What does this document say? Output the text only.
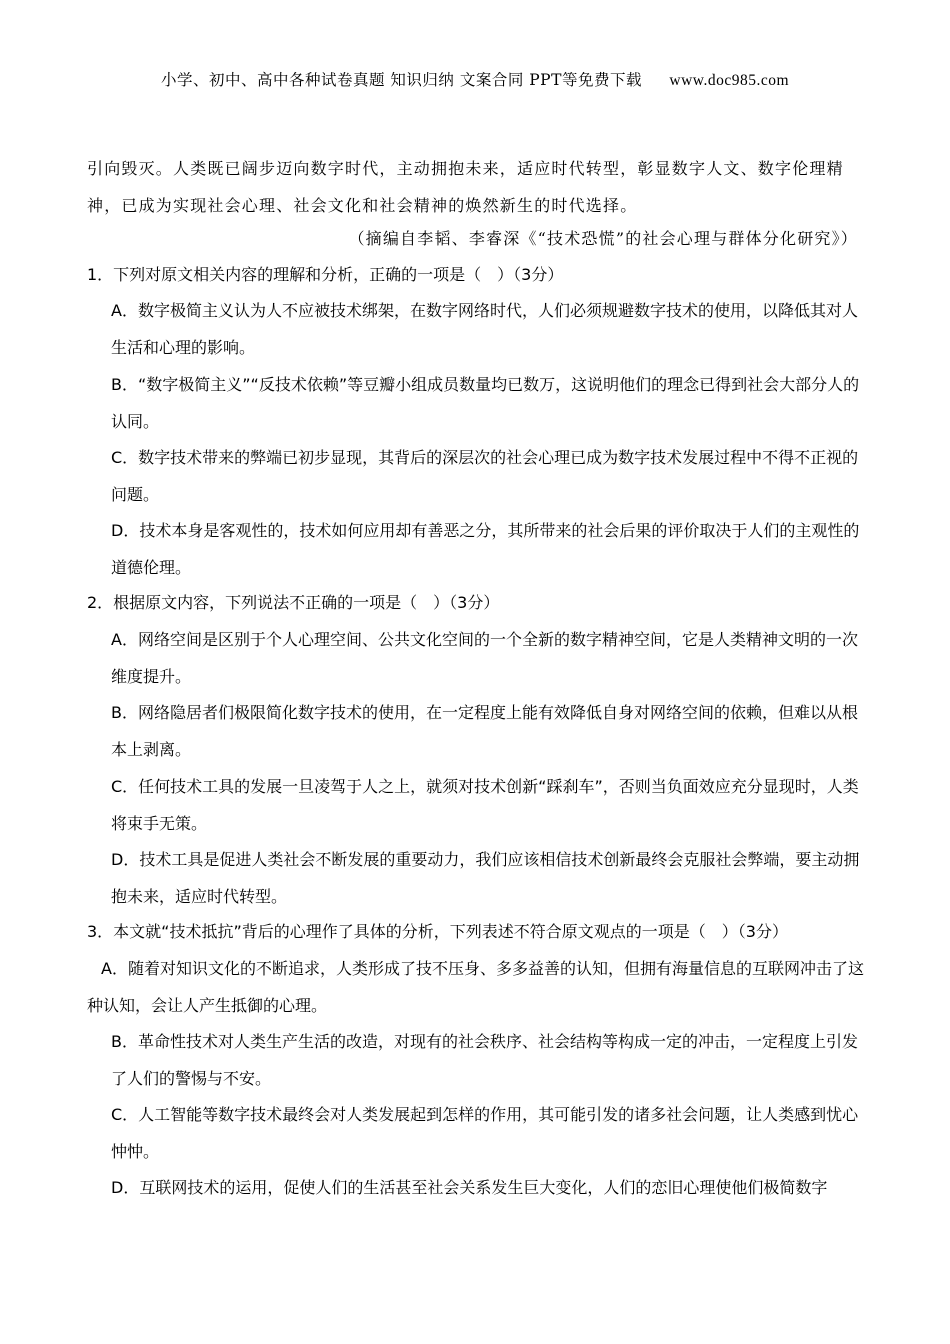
小学、初中、高中各种试卷真题 知识归纳 文案合同 PPT等免费下载 www.doc985.com
引向毁灭。人类既已阔步迈向数字时代，主动拥抱未来，适应时代转型，彰显数字人文、数字伦理精神，已成为实现社会心理、社会文化和社会精神的焕然新生的时代选择。
（摘编自李韬、李睿深《“技术恐慌”的社会心理与群体分化研究》）
1．下列对原文相关内容的理解和分析，正确的一项是（　）（3分）
A．数字极简主义认为人不应被技术绑架，在数字网络时代，人们必须规避数字技术的使用，以降低其对人生活和心理的影响。
B．“数字极简主义”“反技术依赖”等豆瓣小组成员数量均已数万，这说明他们的理念已得到社会大部分人的认同。
C．数字技术带来的弊端已初步显现，其背后的深层次的社会心理已成为数字技术发展过程中不得不正视的问题。
D．技术本身是客观性的，技术如何应用却有善恶之分，其所带来的社会后果的评价取决于人们的主观性的道德伦理。
2．根据原文内容，下列说法不正确的一项是（　）（3分）
A．网络空间是区别于个人心理空间、公共文化空间的一个全新的数字精神空间，它是人类精神文明的一次维度提升。
B．网络隐居者们极限简化数字技术的使用，在一定程度上能有效降低自身对网络空间的依赖，但难以从根本上剥离。
C．任何技术工具的发展一旦凌驾于人之上，就须对技术创新“踩刹车”，否则当负面效应充分显现时，人类将束手无策。
D．技术工具是促进人类社会不断发展的重要动力，我们应该相信技术创新最终会克服社会弊端，要主动拥抱未来，适应时代转型。
3．本文就“技术抵抗”背后的心理作了具体的分析，下列表述不符合原文观点的一项是（　）（3分）
A．随着对知识文化的不断追求，人类形成了技不压身、多多益善的认知，但拥有海量信息的互联网冲击了这种认知，会让人产生抵御的心理。
B．革命性技术对人类生产生活的改造，对现有的社会秩序、社会结构等构成一定的冲击，一定程度上引发了人们的警惕与不安。
C．人工智能等数字技术最终会对人类发展起到怎样的作用，其可能引发的诸多社会问题，让人类感到忧心忡忡。
D．互联网技术的运用，促使人们的生活甚至社会关系发生巨大变化，人们的恋旧心理使他们极简数字
